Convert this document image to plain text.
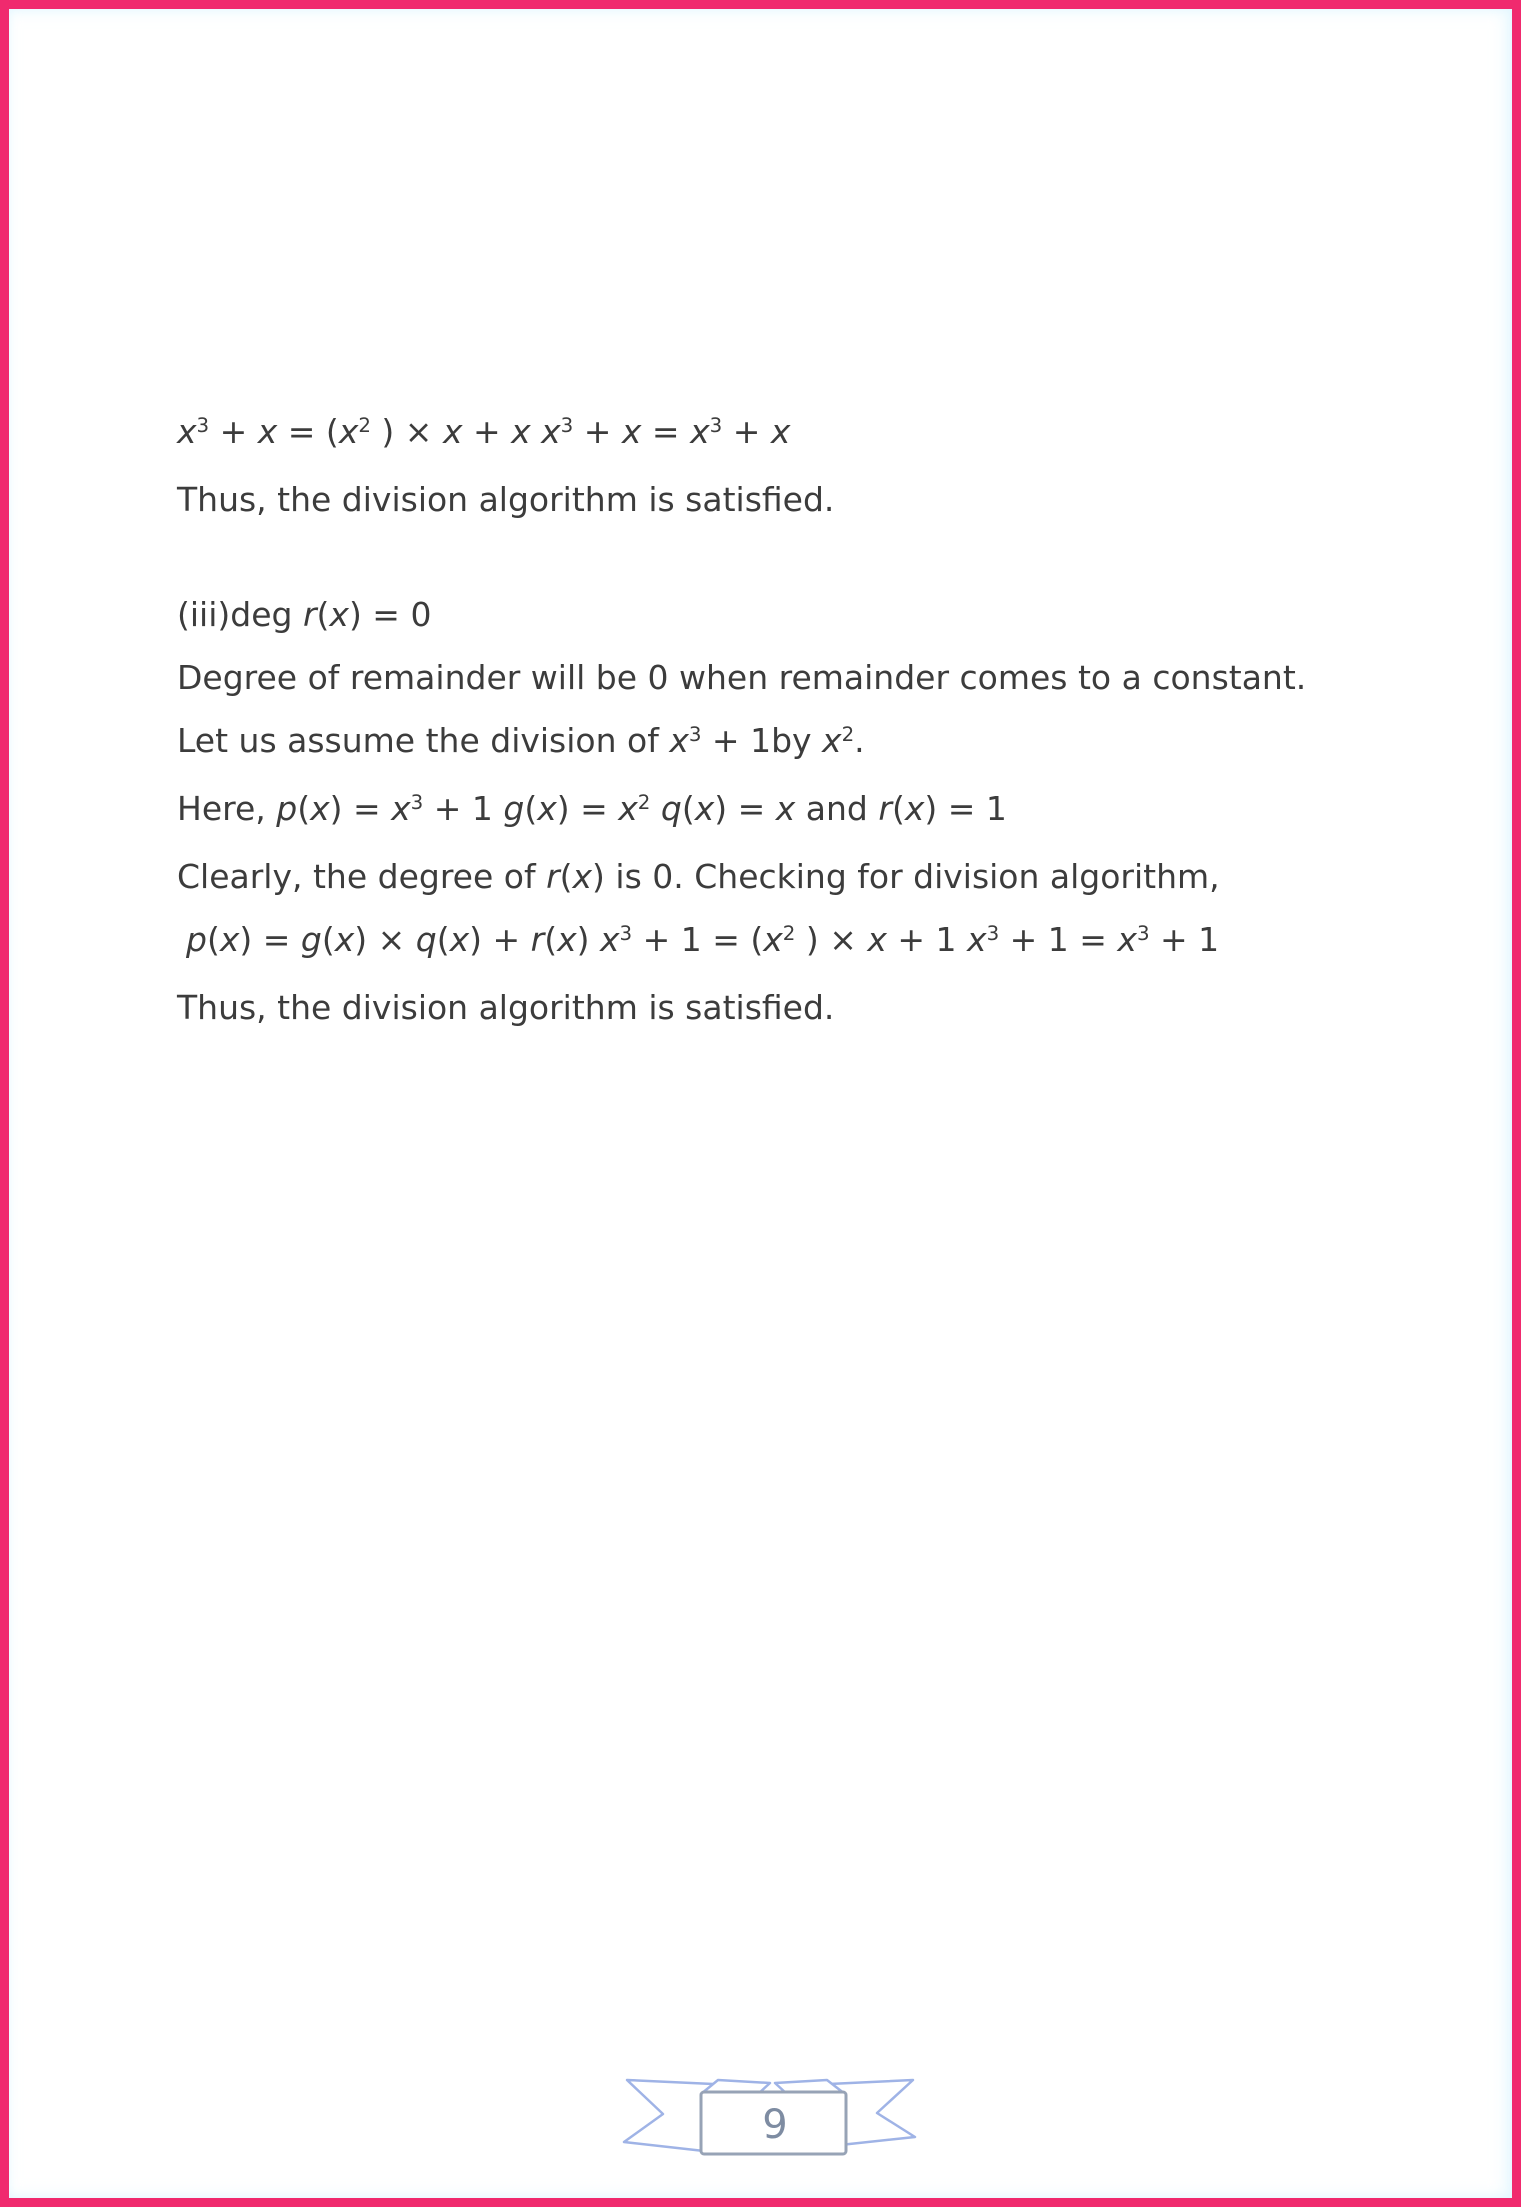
$x^3 + x = (x^2$ ) × x + x $x^3 + x = x^3 + x$
Thus, the division algorithm is satisfied.
(iii)deg r(x) = 0
Degree of remainder will be 0 when remainder comes to a constant.
Let us assume the division of $x^3 + 1by$ $x^2$.
Here, $p(x) = x^3 + 1$ $g(x) = x^2$ q(x) = x and r(x) = 1
Clearly, the degree of r(x) is 0. Checking for division algorithm,
p(x) = g(x) × q(x) + r(x) $x^3 + 1 = (x^2$ ) × x + 1 $x^3 + 1 = x^3 + 1$
Thus, the division algorithm is satisfied.
9
